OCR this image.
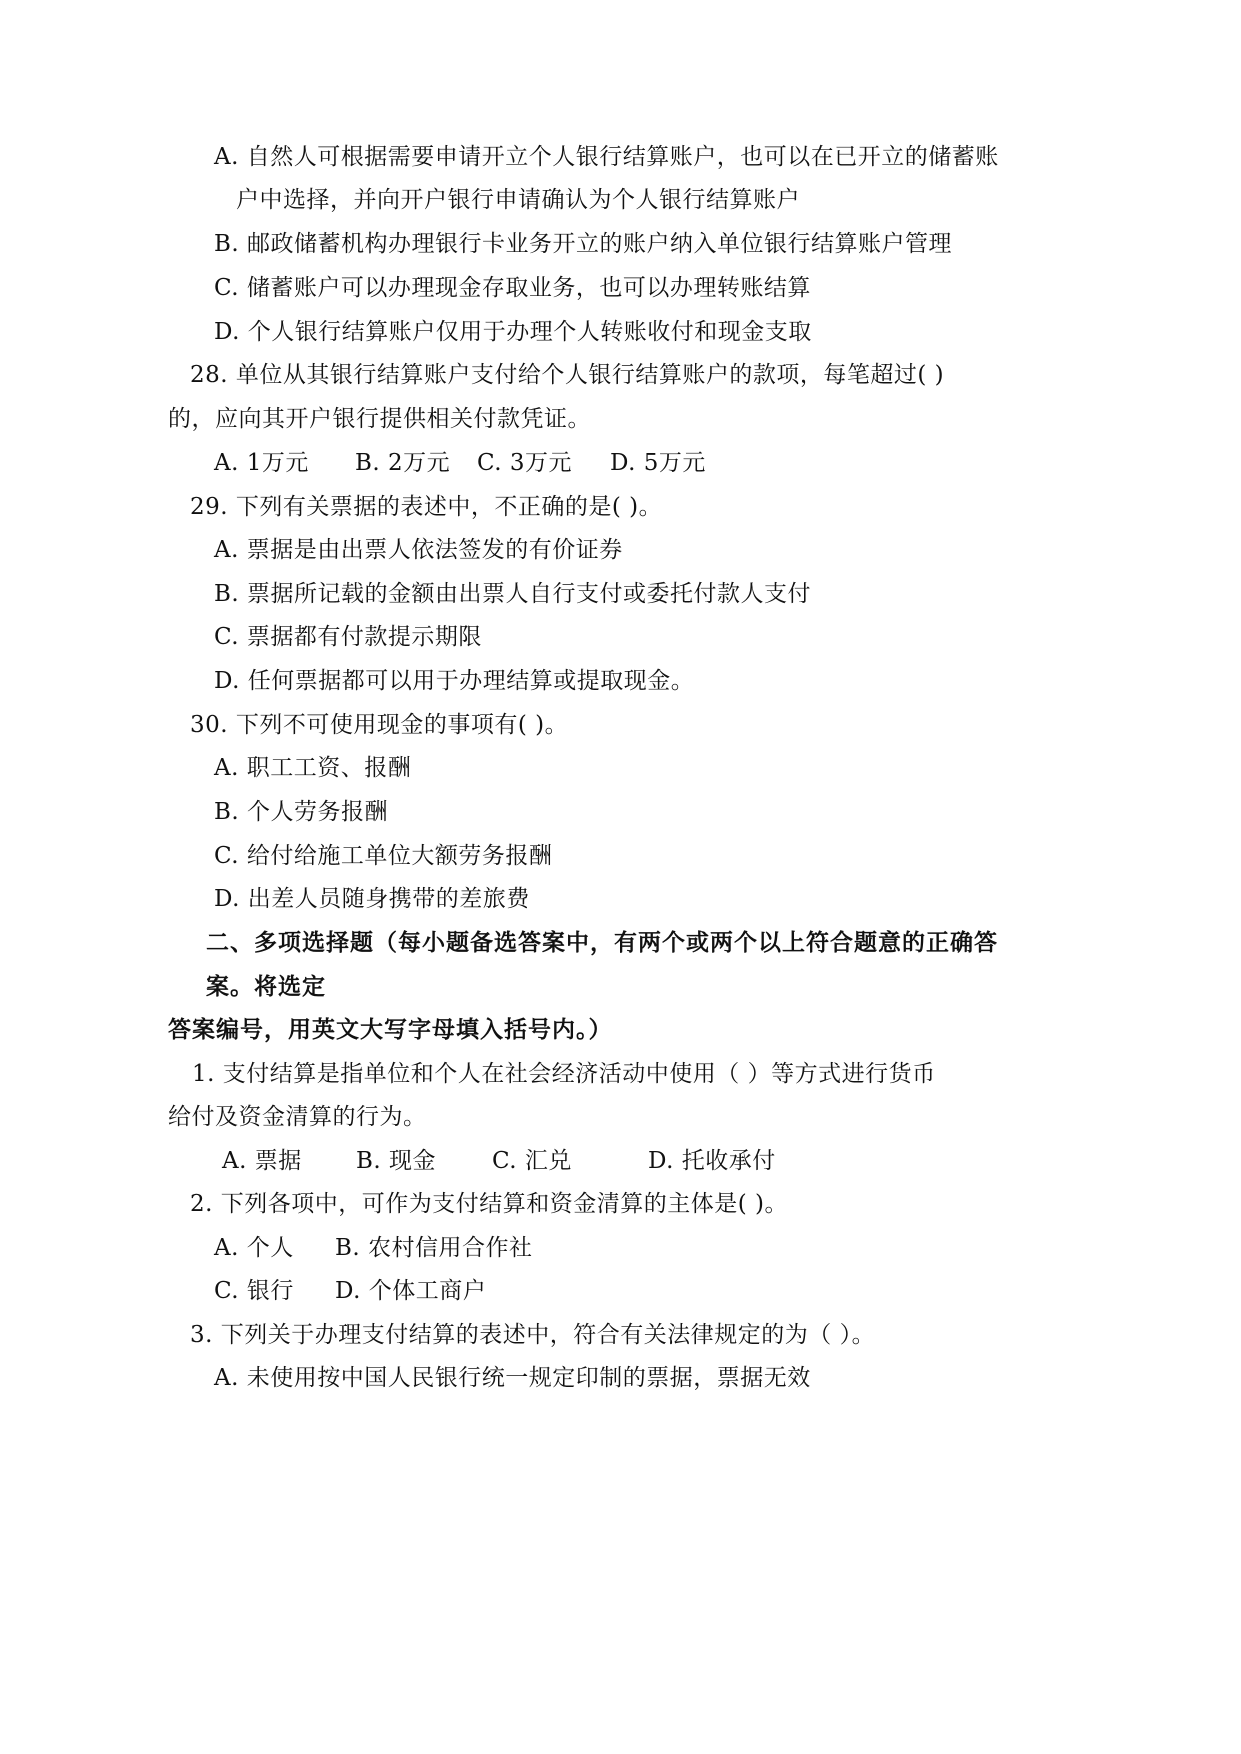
A. 自然人可根据需要申请开立个人银行结算账户，也可以在已开立的储蓄账
户中选择，并向开户银行申请确认为个人银行结算账户
B. 邮政储蓄机构办理银行卡业务开立的账户纳入单位银行结算账户管理
C. 储蓄账户可以办理现金存取业务，也可以办理转账结算
D. 个人银行结算账户仅用于办理个人转账收付和现金支取
28. 单位从其银行结算账户支付给个人银行结算账户的款项，每笔超过( )
的，应向其开户银行提供相关付款凭证。
A. 1万元 B. 2万元 C. 3万元 D. 5万元
29. 下列有关票据的表述中，不正确的是( )。
A. 票据是由出票人依法签发的有价证券
B. 票据所记载的金额由出票人自行支付或委托付款人支付
C. 票据都有付款提示期限
D. 任何票据都可以用于办理结算或提取现金。
30. 下列不可使用现金的事项有( )。
A. 职工工资、报酬
B. 个人劳务报酬
C. 给付给施工单位大额劳务报酬
D. 出差人员随身携带的差旅费
二、多项选择题（每小题备选答案中，有两个或两个以上符合题意的正确答
案。将选定
答案编号，用英文大写字母填入括号内。）
1. 支付结算是指单位和个人在社会经济活动中使用（ ）等方式进行货币
给付及资金清算的行为。
A. 票据 B. 现金 C. 汇兑	D. 托收承付
2. 下列各项中，可作为支付结算和资金清算的主体是( )。
A. 个人 B. 农村信用合作社
C. 银行 D. 个体工商户
3. 下列关于办理支付结算的表述中，符合有关法律规定的为（ ）。
A. 未使用按中国人民银行统一规定印制的票据，票据无效
